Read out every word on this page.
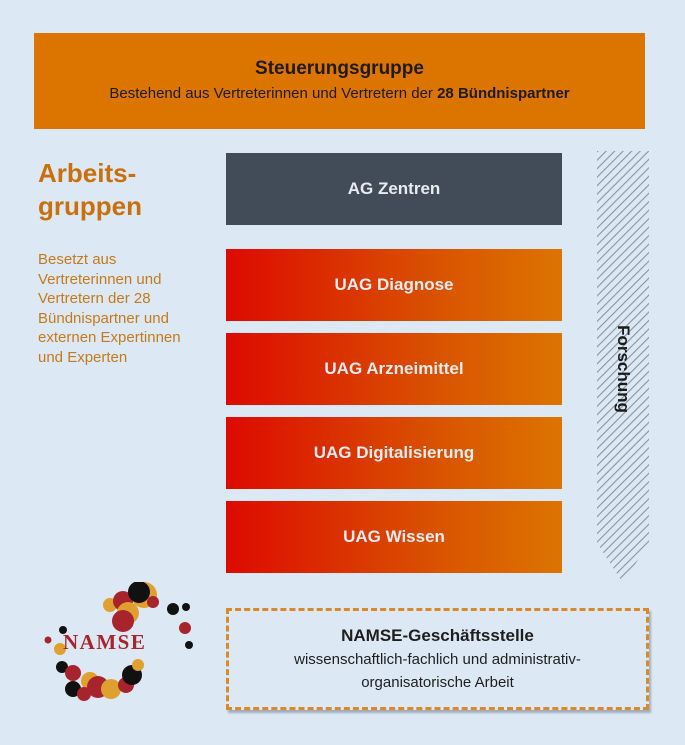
Steuerungsgruppe
Bestehend aus Vertreterinnen und Vertretern der 28 Bündnispartner
Arbeits-
gruppen
Besetzt aus
Vertreterinnen und
Vertretern der 28
Bündnispartner und
externen Expertinnen
und Experten
AG Zentren
UAG Diagnose
UAG Arzneimittel
UAG Digitalisierung
UAG Wissen
Forschung
NAMSE	NAMSE-Geschäftsstelle
wissenschaftlich-fachlich und administrativ-
organisatorische Arbeit
